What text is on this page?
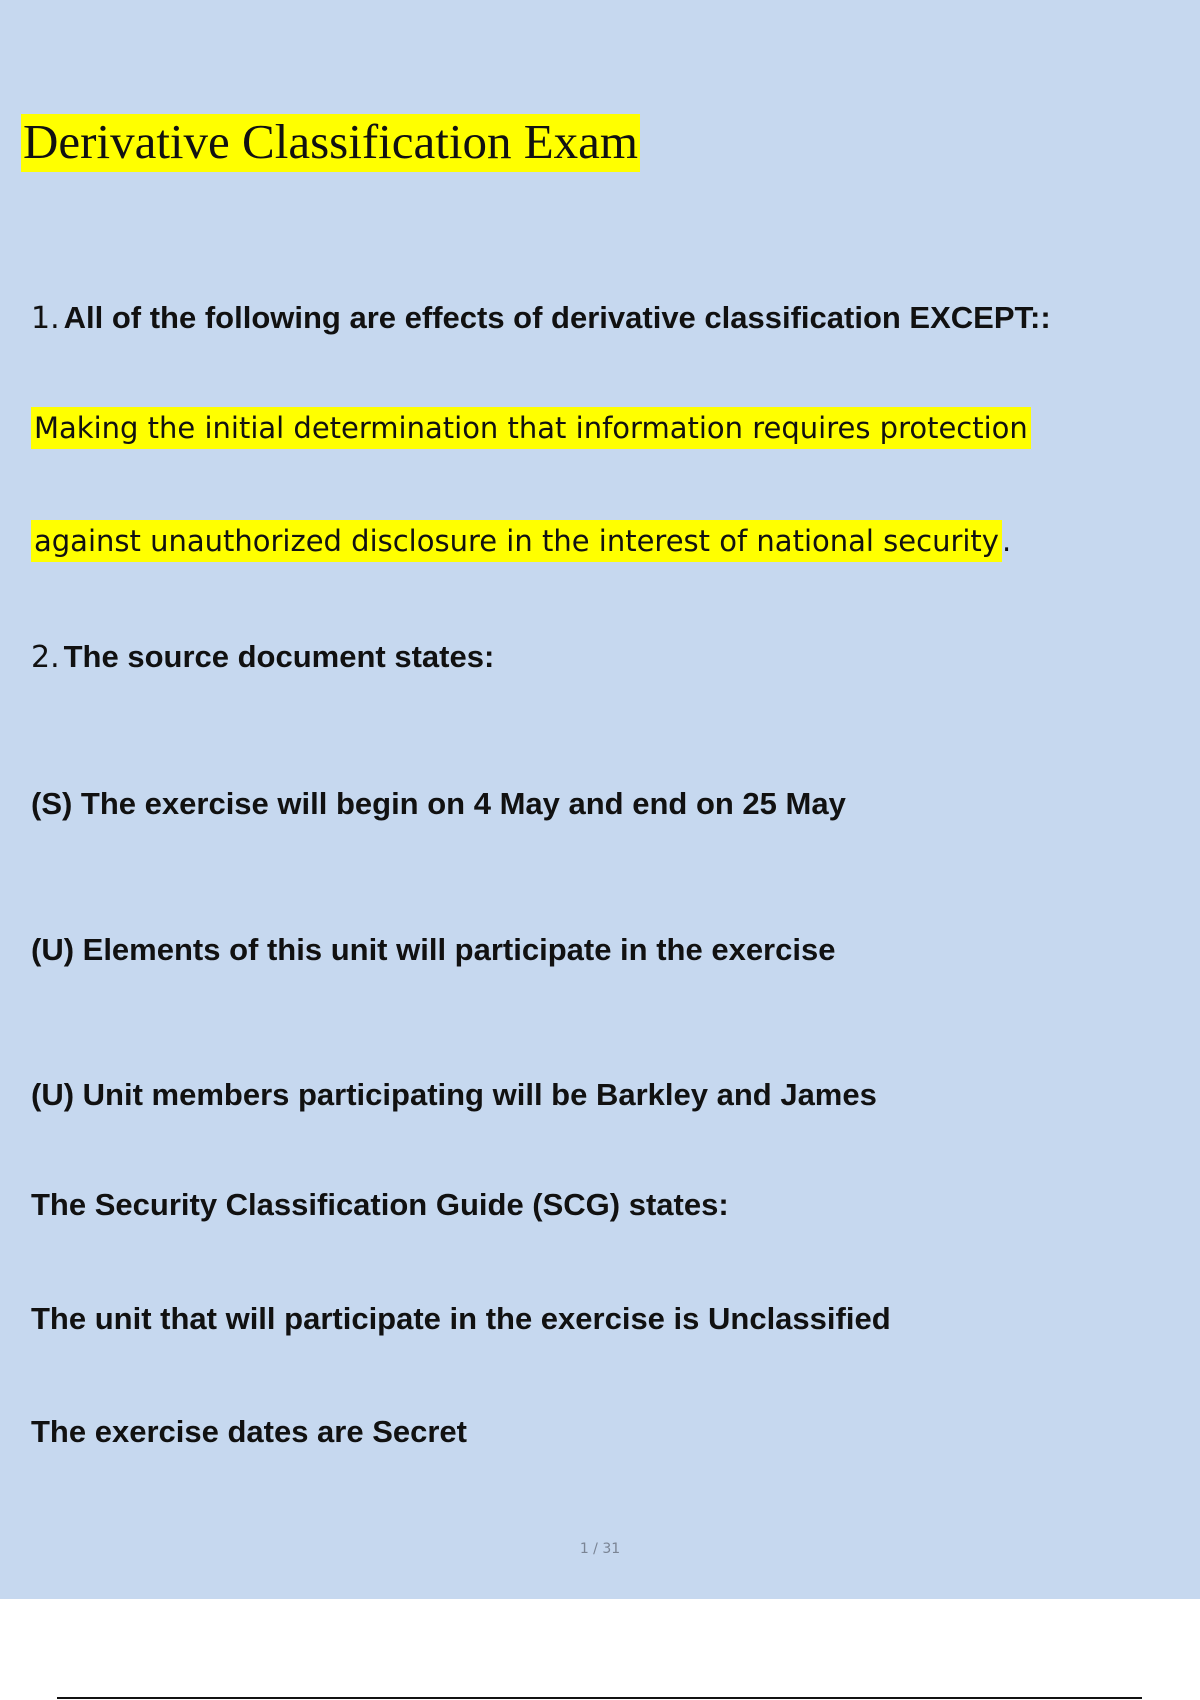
Derivative Classification Exam
1. All of the following are effects of derivative classification EXCEPT::
Making the initial determination that information requires protection
against unauthorized disclosure in the interest of national security .
2. The source document states:
(S) The exercise will begin on 4 May and end on 25 May
(U) Elements of this unit will participate in the exercise
(U) Unit members participating will be Barkley and James
The Security Classification Guide (SCG) states:
The unit that will participate in the exercise is Unclassified
The exercise dates are Secret
1 / 31
